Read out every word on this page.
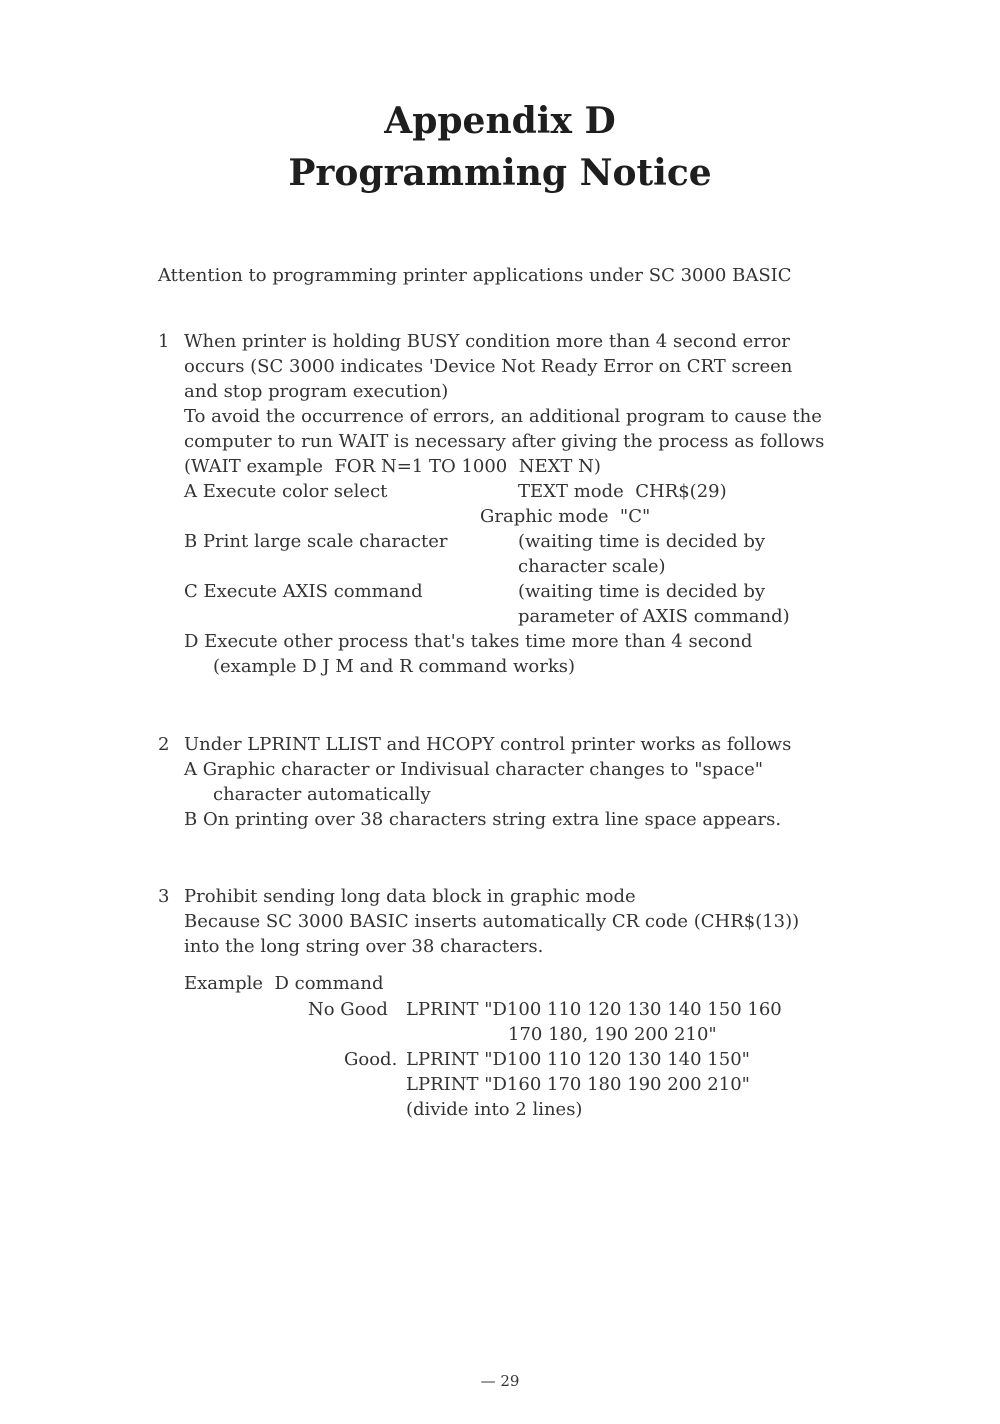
Appendix D
Programming Notice
Attention to programming printer applications under SC 3000 BASIC
1 When printer is holding BUSY condition more than 4 second error
occurs (SC 3000 indicates 'Device Not Ready Error on CRT screen
and stop program execution)
To avoid the occurrence of errors, an additional program to cause the
computer to run WAIT is necessary after giving the process as follows
(WAIT example  FOR N=1 TO 1000  NEXT N)
A Execute color select	TEXT mode  CHR$(29)
Graphic mode  "C"
B Print large scale character	(waiting time is decided by
character scale)
C Execute AXIS command	(waiting time is decided by
parameter of AXIS command)
D Execute other process that's takes time more than 4 second
(example D J M and R command works)
2 Under LPRINT LLIST and HCOPY control printer works as follows
A Graphic character or Indivisual character changes to "space"
character automatically
B On printing over 38 characters string extra line space appears.
3 Prohibit sending long data block in graphic mode
Because SC 3000 BASIC inserts automatically CR code (CHR$(13))
into the long string over 38 characters.
Example  D command
No Good LPRINT "D100 110 120 130 140 150 160
170 180, 190 200 210"
Good. LPRINT "D100 110 120 130 140 150"
LPRINT "D160 170 180 190 200 210"
(divide into 2 lines)
— 29
